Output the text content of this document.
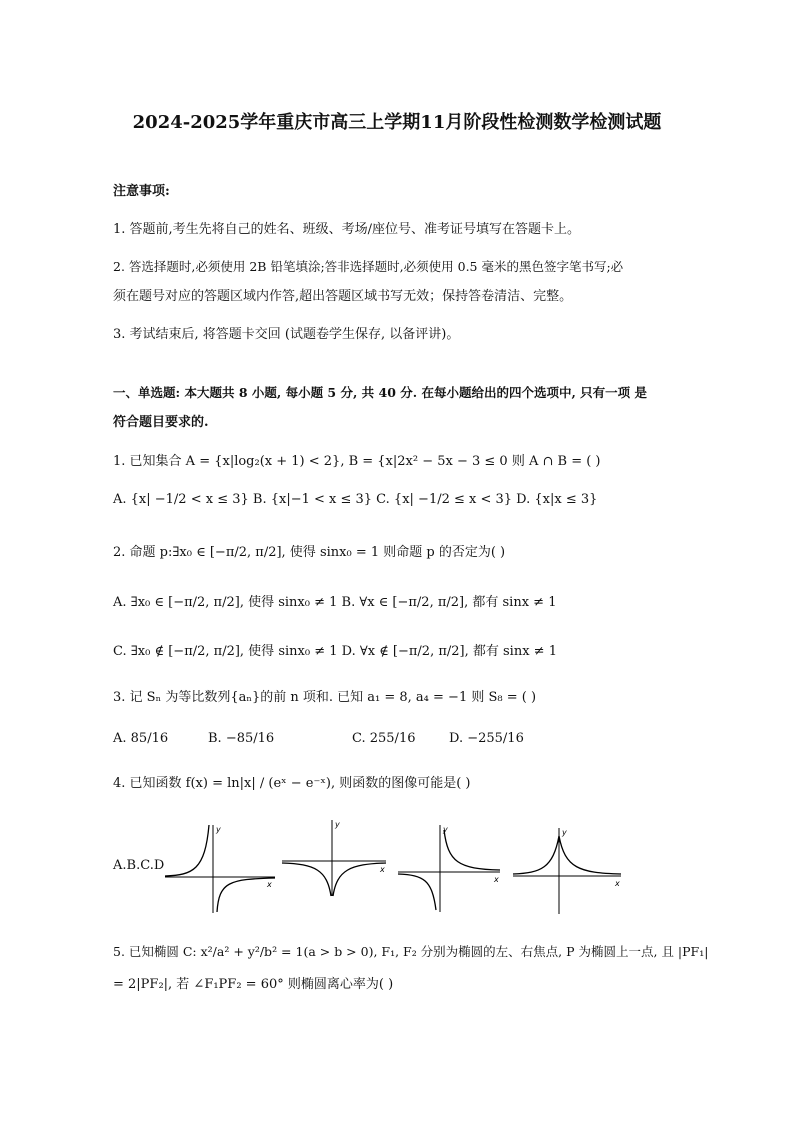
2024-2025学年重庆市高三上学期11月阶段性检测数学检测试题
注意事项:
1. 答题前,考生先将自己的姓名、班级、考场/座位号、准考证号填写在答题卡上。
2. 答选择题时,必须使用 2B 铅笔填涂;答非选择题时,必须使用 0.5 毫米的黑色签字笔书写;必
须在题号对应的答题区域内作答,超出答题区域书写无效；保持答卷清洁、完整。
3. 考试结束后, 将答题卡交回 (试题卷学生保存, 以备评讲)。
一、单选题: 本大题共 8 小题, 每小题 5 分, 共 40 分. 在每小题给出的四个选项中, 只有一项 是
符合题目要求的.
1. 已知集合 A = {x|log₂(x + 1) < 2}, B = {x|2x² − 5x − 3 ≤ 0 则 A ∩ B = ( )
A. {x| −1/2 < x ≤ 3} B. {x|−1 < x ≤ 3} C. {x| −1/2 ≤ x < 3} D. {x|x ≤ 3}
2. 命题 p:∃x₀ ∈ [−π/2, π/2], 使得 sinx₀ = 1 则命题 p 的否定为( )
A. ∃x₀ ∈ [−π/2, π/2], 使得 sinx₀ ≠ 1 B. ∀x ∈ [−π/2, π/2], 都有 sinx ≠ 1
C. ∃x₀ ∉ [−π/2, π/2], 使得 sinx₀ ≠ 1 D. ∀x ∉ [−π/2, π/2], 都有 sinx ≠ 1
3. 记 Sₙ 为等比数列{aₙ}的前 n 项和. 已知 a₁ = 8, a₄ = −1 则 S₈ = ( )
A. 85/16	B. −85/16	C. 255/16	D. −255/16
4. 已知函数 f(x) = ln|x| / (eˣ − e⁻ˣ), 则函数的图像可能是( )
A.B.C.D
x
y
x
y
x
y
x
y
5. 已知椭圆 C: x²/a² + y²/b² = 1(a > b > 0), F₁, F₂ 分别为椭圆的左、右焦点, P 为椭圆上一点, 且 |PF₁|
= 2|PF₂|, 若 ∠F₁PF₂ = 60° 则椭圆离心率为( )
